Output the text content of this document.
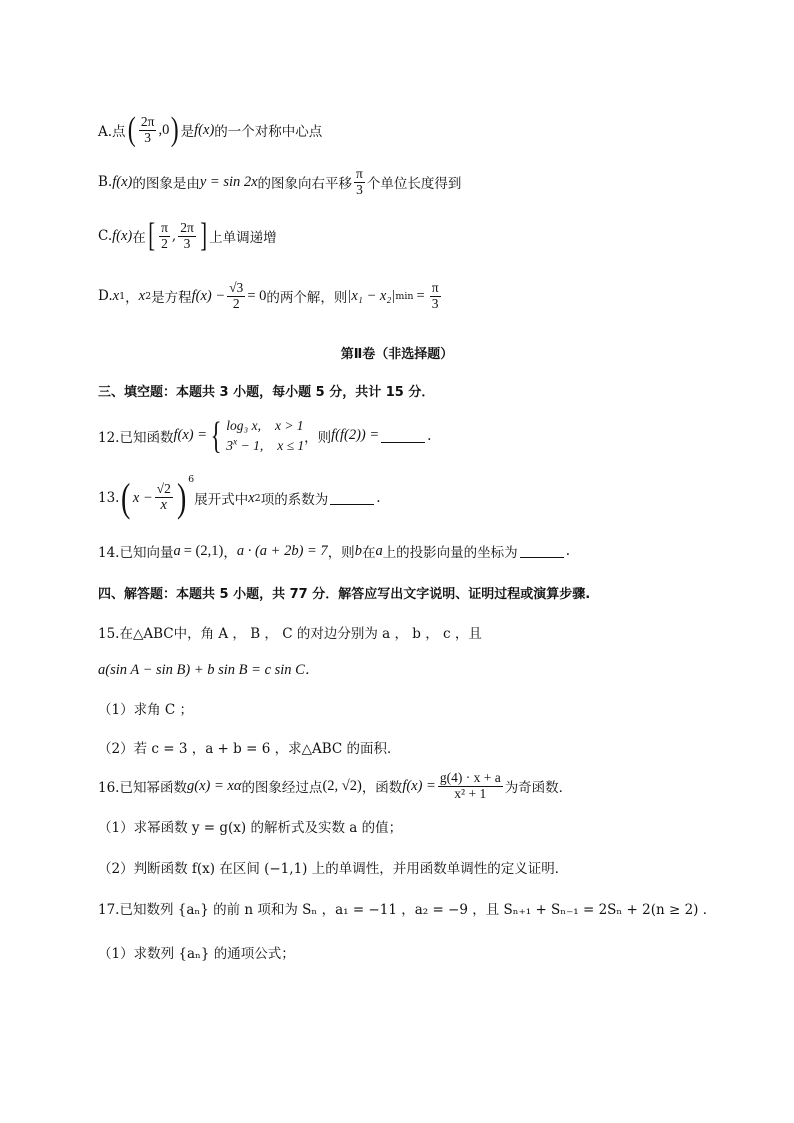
A.点 ( $\frac{2\pi}{3} ,0$ ) 是 f(x) 的一个对称中心点
B. f(x) 的图象是由 y = sin 2x 的图象向右平移 $\frac{\pi}{3}$ 个单位长度得到
C. f(x) 在 [ $\frac{\pi}{2}$ , $\frac{2\pi}{3}$ ] 上单调递增
D. x 1 ， x 2 是方程 $f(x) - \frac{√3}{2} = 0$ 的两个解，则 |x₁ − x₂| $\min = \frac{\pi}{3}$
第Ⅱ卷（非选择题）
三、填空题：本题共 3 小题，每小题 5 分，共计 15 分．
12.已知函数 f(x) = { log₃ x, x > 1
$3^x - 1$, x ≤ 1 ，则 f(f(2)) =	.
13. ( $x - \frac{√2}{x} )^6$
展开式中 x 2 项的系数为	.
14.已知向量 a = (2,1) ， a · (a + 2b) = 7 ，则 b 在 a 上的投影向量的坐标为	.
四、解答题：本题共 5 小题，共 77 分．解答应写出文字说明、证明过程或演算步骤.
15.在△ABC中，角 A ， B ， C 的对边分别为 a ， b ， c ，且
a(sin A − sin B) + b sin B = c sin C．
（1）求角 C ；
（2）若 c = 3 ，a + b = 6 ，求△ABC 的面积．
16.已知幂函数 g(x) = x α 的图象经过点 (2, √2) ，函数 $f(x) = \frac{g(4) \cdot x + a}{\text{x² + 1}}$ 为奇函数．
（1）求幂函数 y = g(x) 的解析式及实数 a 的值；
（2）判断函数 f(x) 在区间 (−1,1) 上的单调性，并用函数单调性的定义证明．
17.已知数列 {aₙ} 的前 n 项和为 Sₙ ，a₁ = −11 ，a₂ = −9 ，且 Sₙ₊₁ + Sₙ₋₁ = 2Sₙ + 2(n ≥ 2) ．
（1）求数列 {aₙ} 的通项公式；
